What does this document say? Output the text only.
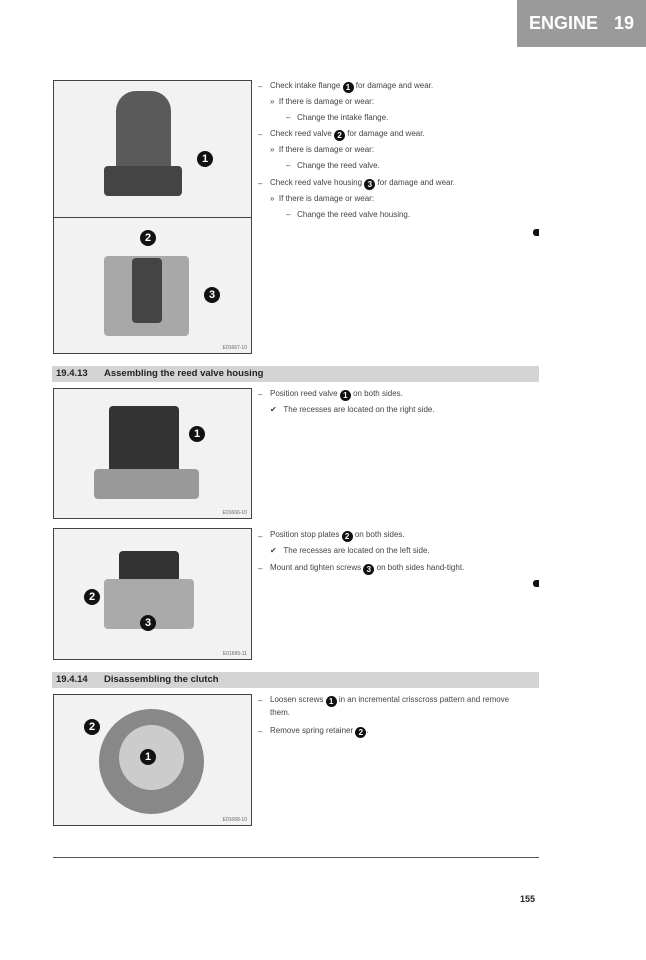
ENGINE 19
1
2
3
E01667-10
– Check intake flange 1 for damage and wear.
»  If there is damage or wear:
–   Change the intake flange.
– Check reed valve 2 for damage and wear.
»  If there is damage or wear:
–   Change the reed valve.
– Check reed valve housing 3 for damage and wear.
»  If there is damage or wear:
–   Change the reed valve housing.
19.4.13 Assembling the reed valve housing
1
E01666-10
2
3
E01665-11
– Position reed valve 1 on both sides.
✔   The recesses are located on the right side.
– Position stop plates 2 on both sides.
✔   The recesses are located on the left side.
– Mount and tighten screws 3 on both sides hand-tight.
19.4.14 Disassembling the clutch
2
1
E01668-10
– Loosen screws 1 in an incremental crisscross pattern and remove
them.
– Remove spring retainer 2 .
155
